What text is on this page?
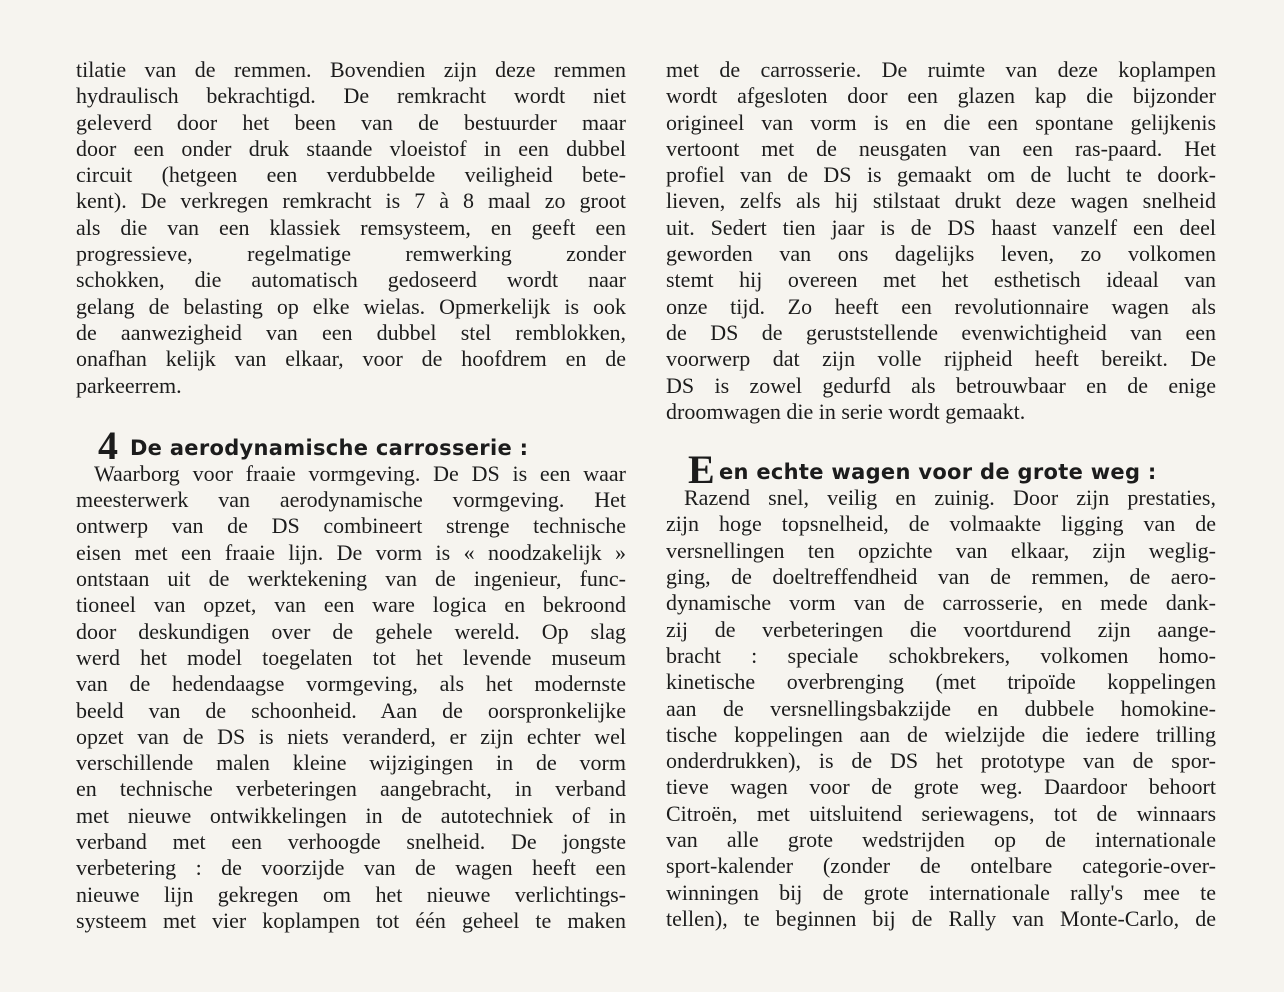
tilatie van de remmen. Bovendien zijn deze remmen
hydraulisch bekrachtigd. De remkracht wordt niet
geleverd door het been van de bestuurder maar
door een onder druk staande vloeistof in een dubbel
circuit (hetgeen een verdubbelde veiligheid bete-
kent). De verkregen remkracht is 7 à 8 maal zo groot
als die van een klassiek remsysteem, en geeft een
progressieve, regelmatige remwerking zonder
schokken, die automatisch gedoseerd wordt naar
gelang de belasting op elke wielas. Opmerkelijk is ook
de aanwezigheid van een dubbel stel remblokken,
onafhan kelijk van elkaar, voor de hoofdrem en de
parkeerrem.
4 De aerodynamische carrosserie :
Waarborg voor fraaie vormgeving. De DS is een waar
meesterwerk van aerodynamische vormgeving. Het
ontwerp van de DS combineert strenge technische
eisen met een fraaie lijn. De vorm is « noodzakelijk »
ontstaan uit de werktekening van de ingenieur, func-
tioneel van opzet, van een ware logica en bekroond
door deskundigen over de gehele wereld. Op slag
werd het model toegelaten tot het levende museum
van de hedendaagse vormgeving, als het modernste
beeld van de schoonheid. Aan de oorspronkelijke
opzet van de DS is niets veranderd, er zijn echter wel
verschillende malen kleine wijzigingen in de vorm
en technische verbeteringen aangebracht, in verband
met nieuwe ontwikkelingen in de autotechniek of in
verband met een verhoogde snelheid. De jongste
verbetering : de voorzijde van de wagen heeft een
nieuwe lijn gekregen om het nieuwe verlichtings-
systeem met vier koplampen tot één geheel te maken
met de carrosserie. De ruimte van deze koplampen
wordt afgesloten door een glazen kap die bijzonder
origineel van vorm is en die een spontane gelijkenis
vertoont met de neusgaten van een ras-paard. Het
profiel van de DS is gemaakt om de lucht te doork-
lieven, zelfs als hij stilstaat drukt deze wagen snelheid
uit. Sedert tien jaar is de DS haast vanzelf een deel
geworden van ons dagelijks leven, zo volkomen
stemt hij overeen met het esthetisch ideaal van
onze tijd. Zo heeft een revolutionnaire wagen als
de DS de geruststellende evenwichtigheid van een
voorwerp dat zijn volle rijpheid heeft bereikt. De
DS is zowel gedurfd als betrouwbaar en de enige
droomwagen die in serie wordt gemaakt.
Een echte wagen voor de grote weg :
Razend snel, veilig en zuinig. Door zijn prestaties,
zijn hoge topsnelheid, de volmaakte ligging van de
versnellingen ten opzichte van elkaar, zijn weglig-
ging, de doeltreffendheid van de remmen, de aero-
dynamische vorm van de carrosserie, en mede dank-
zij de verbeteringen die voortdurend zijn aange-
bracht : speciale schokbrekers, volkomen homo-
kinetische overbrenging (met tripoïde koppelingen
aan de versnellingsbakzijde en dubbele homokine-
tische koppelingen aan de wielzijde die iedere trilling
onderdrukken), is de DS het prototype van de spor-
tieve wagen voor de grote weg. Daardoor behoort
Citroën, met uitsluitend seriewagens, tot de winnaars
van alle grote wedstrijden op de internationale
sport-kalender (zonder de ontelbare categorie-over-
winningen bij de grote internationale rally's mee te
tellen), te beginnen bij de Rally van Monte-Carlo, de
